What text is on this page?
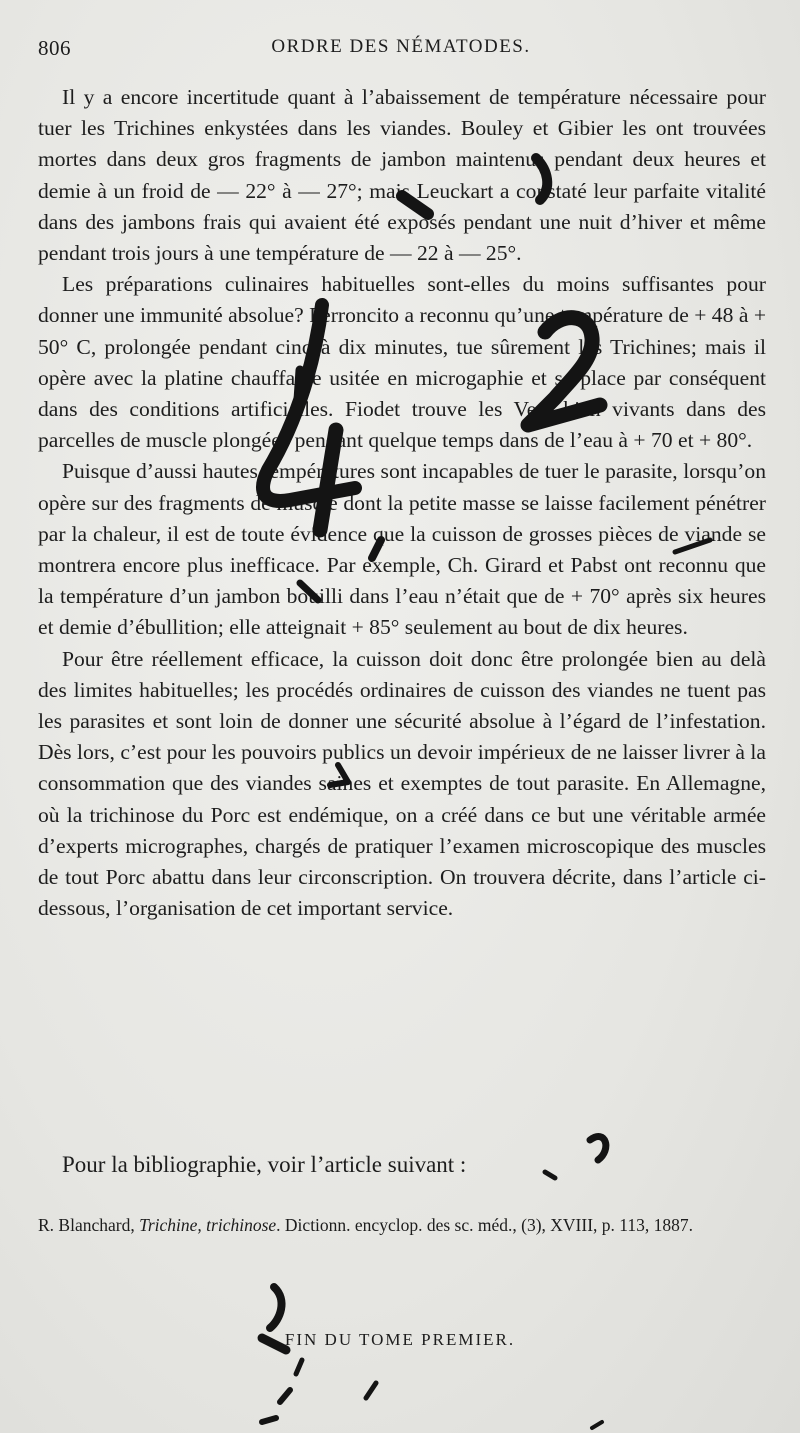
806	ORDRE DES NÉMATODES.

Il y a encore incertitude quant à l’abaissement de température nécessaire pour tuer les Trichines enkystées dans les viandes. Bouley et Gibier les ont trouvées mortes dans deux gros fragments de jambon maintenus pendant deux heures et demie à un froid de — 22° à — 27°; mais Leuckart a constaté leur parfaite vitalité dans des jambons frais qui avaient été exposés pendant une nuit d’hiver et même pendant trois jours à une température de — 22 à — 25°.

Les préparations culinaires habituelles sont-elles du moins suffisantes pour donner une immunité absolue? Perroncito a reconnu qu’une température de + 48 à + 50° C, prolongée pendant cinq à dix minutes, tue sûrement les Trichines; mais il opère avec la platine chauffante usitée en microgaphie et se place par conséquent dans des conditions artificielles. Fiodet trouve les Vers bien vivants dans des parcelles de muscle plongées pendant quelque temps dans de l’eau à + 70 et + 80°.

Puisque d’aussi hautes températures sont incapables de tuer le parasite, lorsqu’on opère sur des fragments de muscle dont la petite masse se laisse facilement pénétrer par la chaleur, il est de toute évidence que la cuisson de grosses pièces de viande se montrera encore plus inefficace. Par exemple, Ch. Girard et Pabst ont reconnu que la température d’un jambon bouilli dans l’eau n’était que de + 70° après six heures et demie d’ébullition; elle atteignait + 85° seulement au bout de dix heures.

Pour être réellement efficace, la cuisson doit donc être prolongée bien au delà des limites habituelles; les procédés ordinaires de cuisson des viandes ne tuent pas les parasites et sont loin de donner une sécurité absolue à l’égard de l’infestation. Dès lors, c’est pour les pouvoirs publics un devoir impérieux de ne laisser livrer à la consommation que des viandes saines et exemptes de tout parasite. En Allemagne, où la trichinose du Porc est endémique, on a créé dans ce but une véritable armée d’experts micrographes, chargés de pratiquer l’examen microscopique des muscles de tout Porc abattu dans leur circonscription. On trouvera décrite, dans l’article ci-dessous, l’organisation de cet important service.

Pour la bibliographie, voir l’article suivant :
R. Blanchard, Trichine, trichinose. Dictionn. encyclop. des sc. méd., (3), XVIII, p. 113, 1887.
FIN DU TOME PREMIER.
